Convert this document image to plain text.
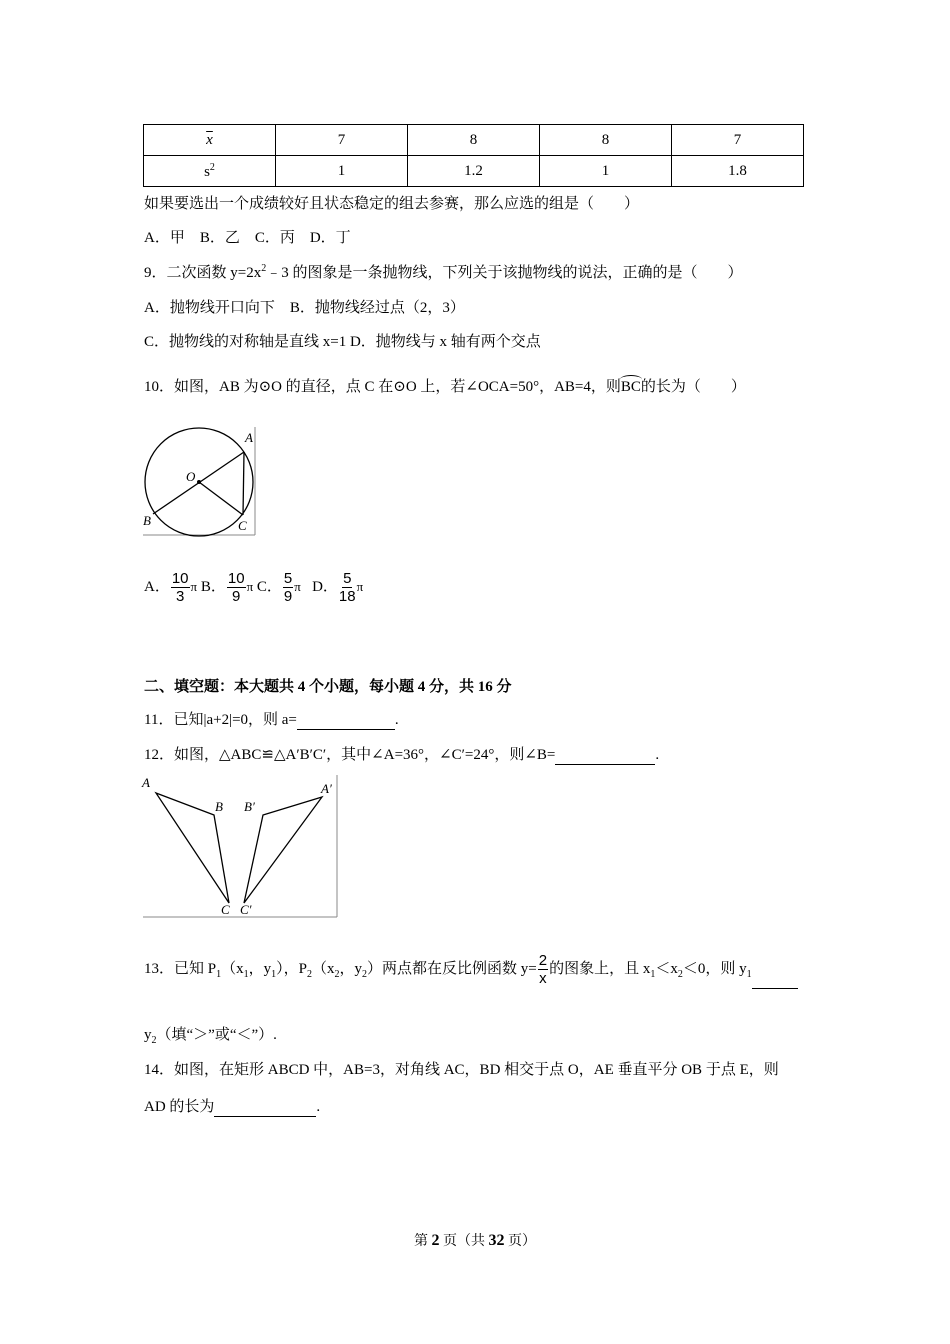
$\overline{x}$	7	8	8	7
$s^2$	1	1.2	1	1.8
如果要选出一个成绩较好且状态稳定的组去参赛，那么应选的组是（　　）
A．甲　B．乙　C．丙　D．丁
9．二次函数 $y=2x^2﹣3$ 的图象是一条抛物线，下列关于该抛物线的说法，正确的是（　　）
A．抛物线开口向下　B．抛物线经过点（2，3）
C．抛物线的对称轴是直线 x=1 D．抛物线与 x 轴有两个交点
10．如图，AB 为⊙O 的直径，点 C 在⊙O 上，若∠OCA=50°，AB=4，则BC的长为（　　）
A
O
B	C
A． $\frac{10}{3}$ π B． $\frac{10}{9}$ π C． $\frac{5}{9}$ π D． $\frac{5}{18}$ π
二、填空题：本大题共 4 个小题，每小题 4 分，共 16 分
11．已知|a+2|=0，则 a=	.
12．如图，△ABC≌△A′B′C′，其中∠A=36°，∠C′=24°，则∠B=	.
A
B
C
A′
B′
C′
13．已知 $P_1(x_1$，$y_1$），$P_2(x_2$，$y_2$）两点都在反比例函数 $y= \frac{2}{x}$ 的图象上，且 $x_1<x_2<0$，则 $y_1$
$y_2$（填“＞”或“＜”）.
14．如图，在矩形 ABCD 中，AB=3，对角线 AC，BD 相交于点 O，AE 垂直平分 OB 于点 E，则
AD 的长为	.
第 2 页（共 32 页）
